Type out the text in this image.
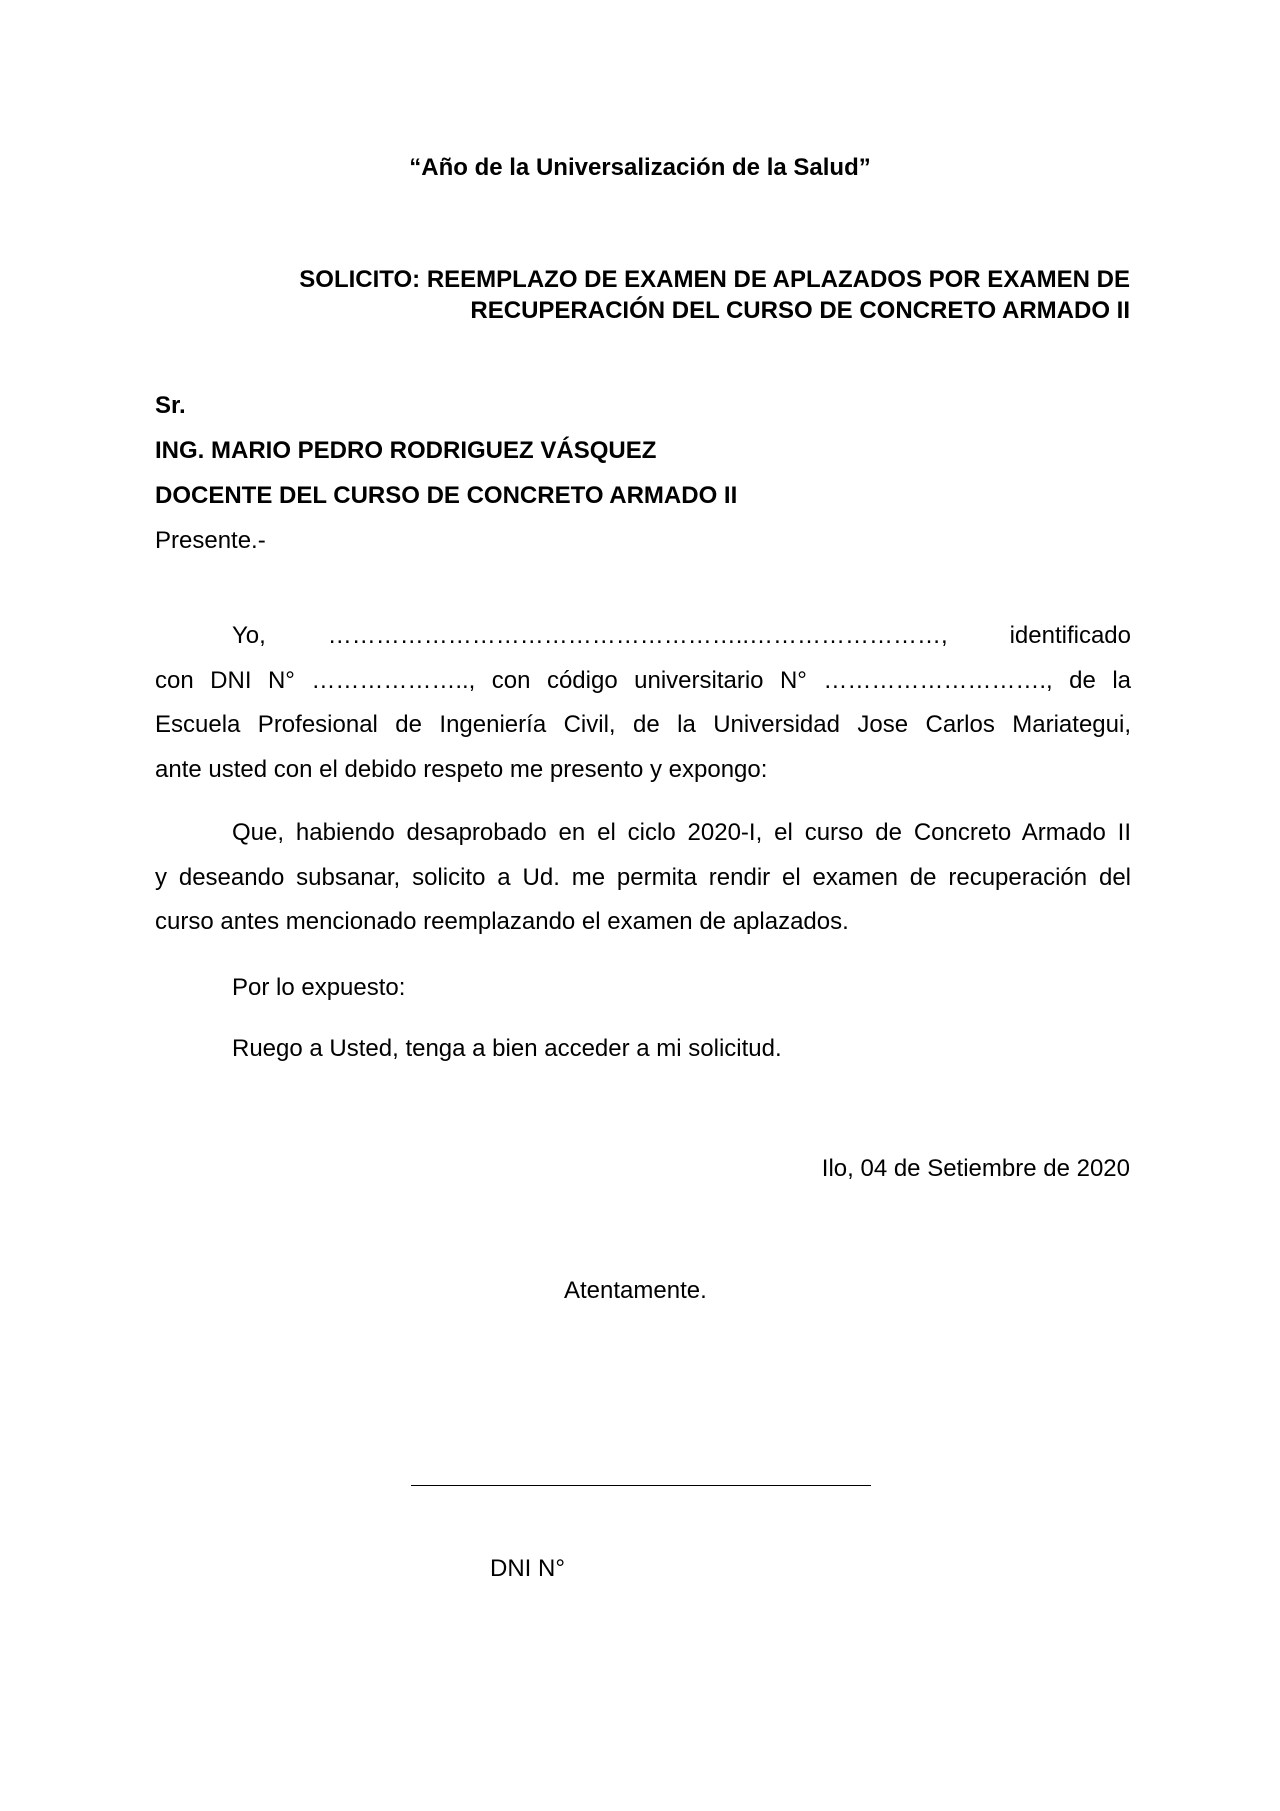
“Año de la Universalización de la Salud”
SOLICITO: REEMPLAZO DE EXAMEN DE APLAZADOS POR EXAMEN DE
RECUPERACIÓN DEL CURSO DE CONCRETO ARMADO II
Sr.
ING. MARIO PEDRO RODRIGUEZ VÁSQUEZ
DOCENTE DEL CURSO DE CONCRETO ARMADO II
Presente.-
Yo, ……………………………………………..……………………, identificado
con DNI N° ……………….., con código universitario N° ………………………., de la
Escuela Profesional de Ingeniería Civil, de la Universidad Jose Carlos Mariategui,
ante usted con el debido respeto me presento y expongo:
Que, habiendo desaprobado en el ciclo 2020-I, el curso de Concreto Armado II
y deseando subsanar, solicito a Ud. me permita rendir el examen de recuperación del
curso antes mencionado reemplazando el examen de aplazados.
Por lo expuesto:
Ruego a Usted, tenga a bien acceder a mi solicitud.
Ilo, 04 de Setiembre de 2020
Atentamente.
DNI N°
